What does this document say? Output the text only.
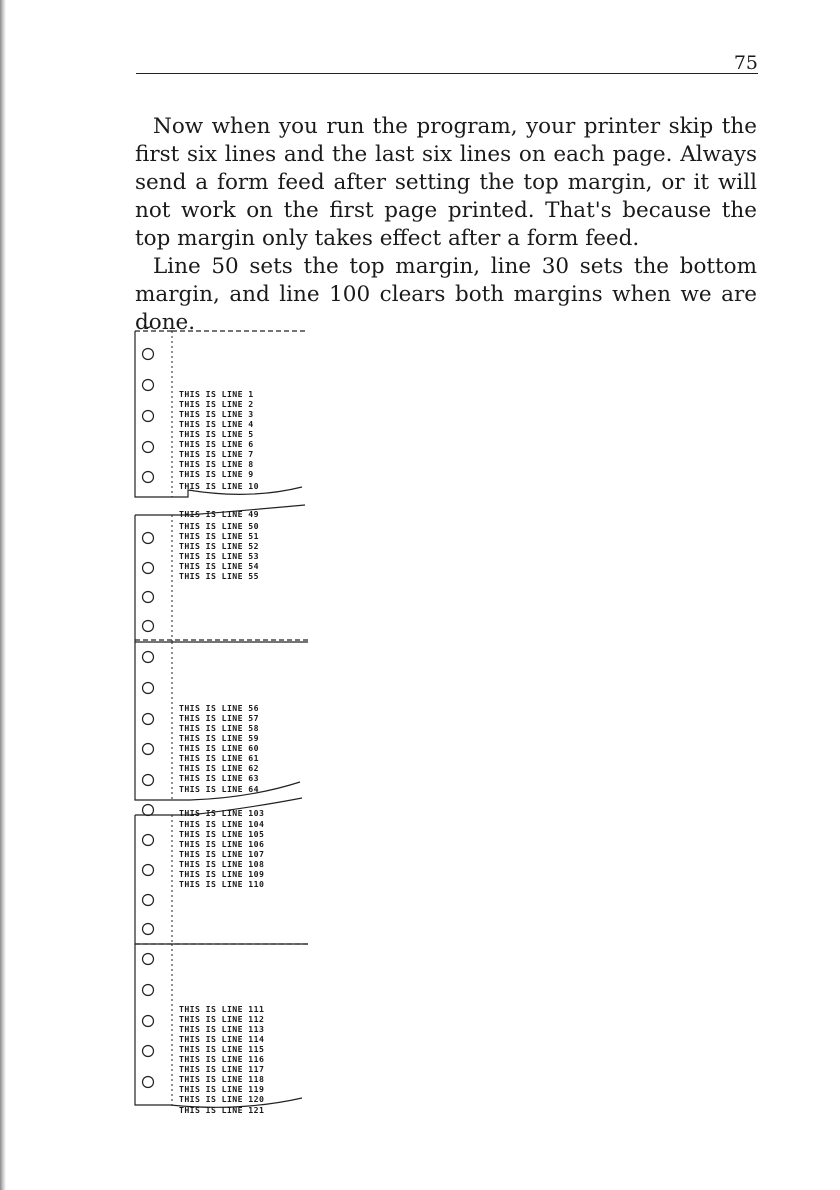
75

Now when you run the program, your printer skip the first six lines and the last six lines on each page. Always send a form feed after setting the top margin, or it will not work on the first page printed. That's because the top margin only takes effect after a form feed.

Line 50 sets the top margin, line 30 sets the bottom margin, and line 100 clears both margins when we are done.

THIS IS LINE 1
THIS IS LINE 2
THIS IS LINE 3
THIS IS LINE 4
THIS IS LINE 5
THIS IS LINE 6
THIS IS LINE 7
THIS IS LINE 8
THIS IS LINE 9
THIS IS LINE 10
THIS IS LINE 49
THIS IS LINE 50
THIS IS LINE 51
THIS IS LINE 52
THIS IS LINE 53
THIS IS LINE 54
THIS IS LINE 55
THIS IS LINE 56
THIS IS LINE 57
THIS IS LINE 58
THIS IS LINE 59
THIS IS LINE 60
THIS IS LINE 61
THIS IS LINE 62
THIS IS LINE 63
THIS IS LINE 64
THIS IS LINE 103
THIS IS LINE 104
THIS IS LINE 105
THIS IS LINE 106
THIS IS LINE 107
THIS IS LINE 108
THIS IS LINE 109
THIS IS LINE 110
THIS IS LINE 111
THIS IS LINE 112
THIS IS LINE 113
THIS IS LINE 114
THIS IS LINE 115
THIS IS LINE 116
THIS IS LINE 117
THIS IS LINE 118
THIS IS LINE 119
THIS IS LINE 120
THIS IS LINE 121
